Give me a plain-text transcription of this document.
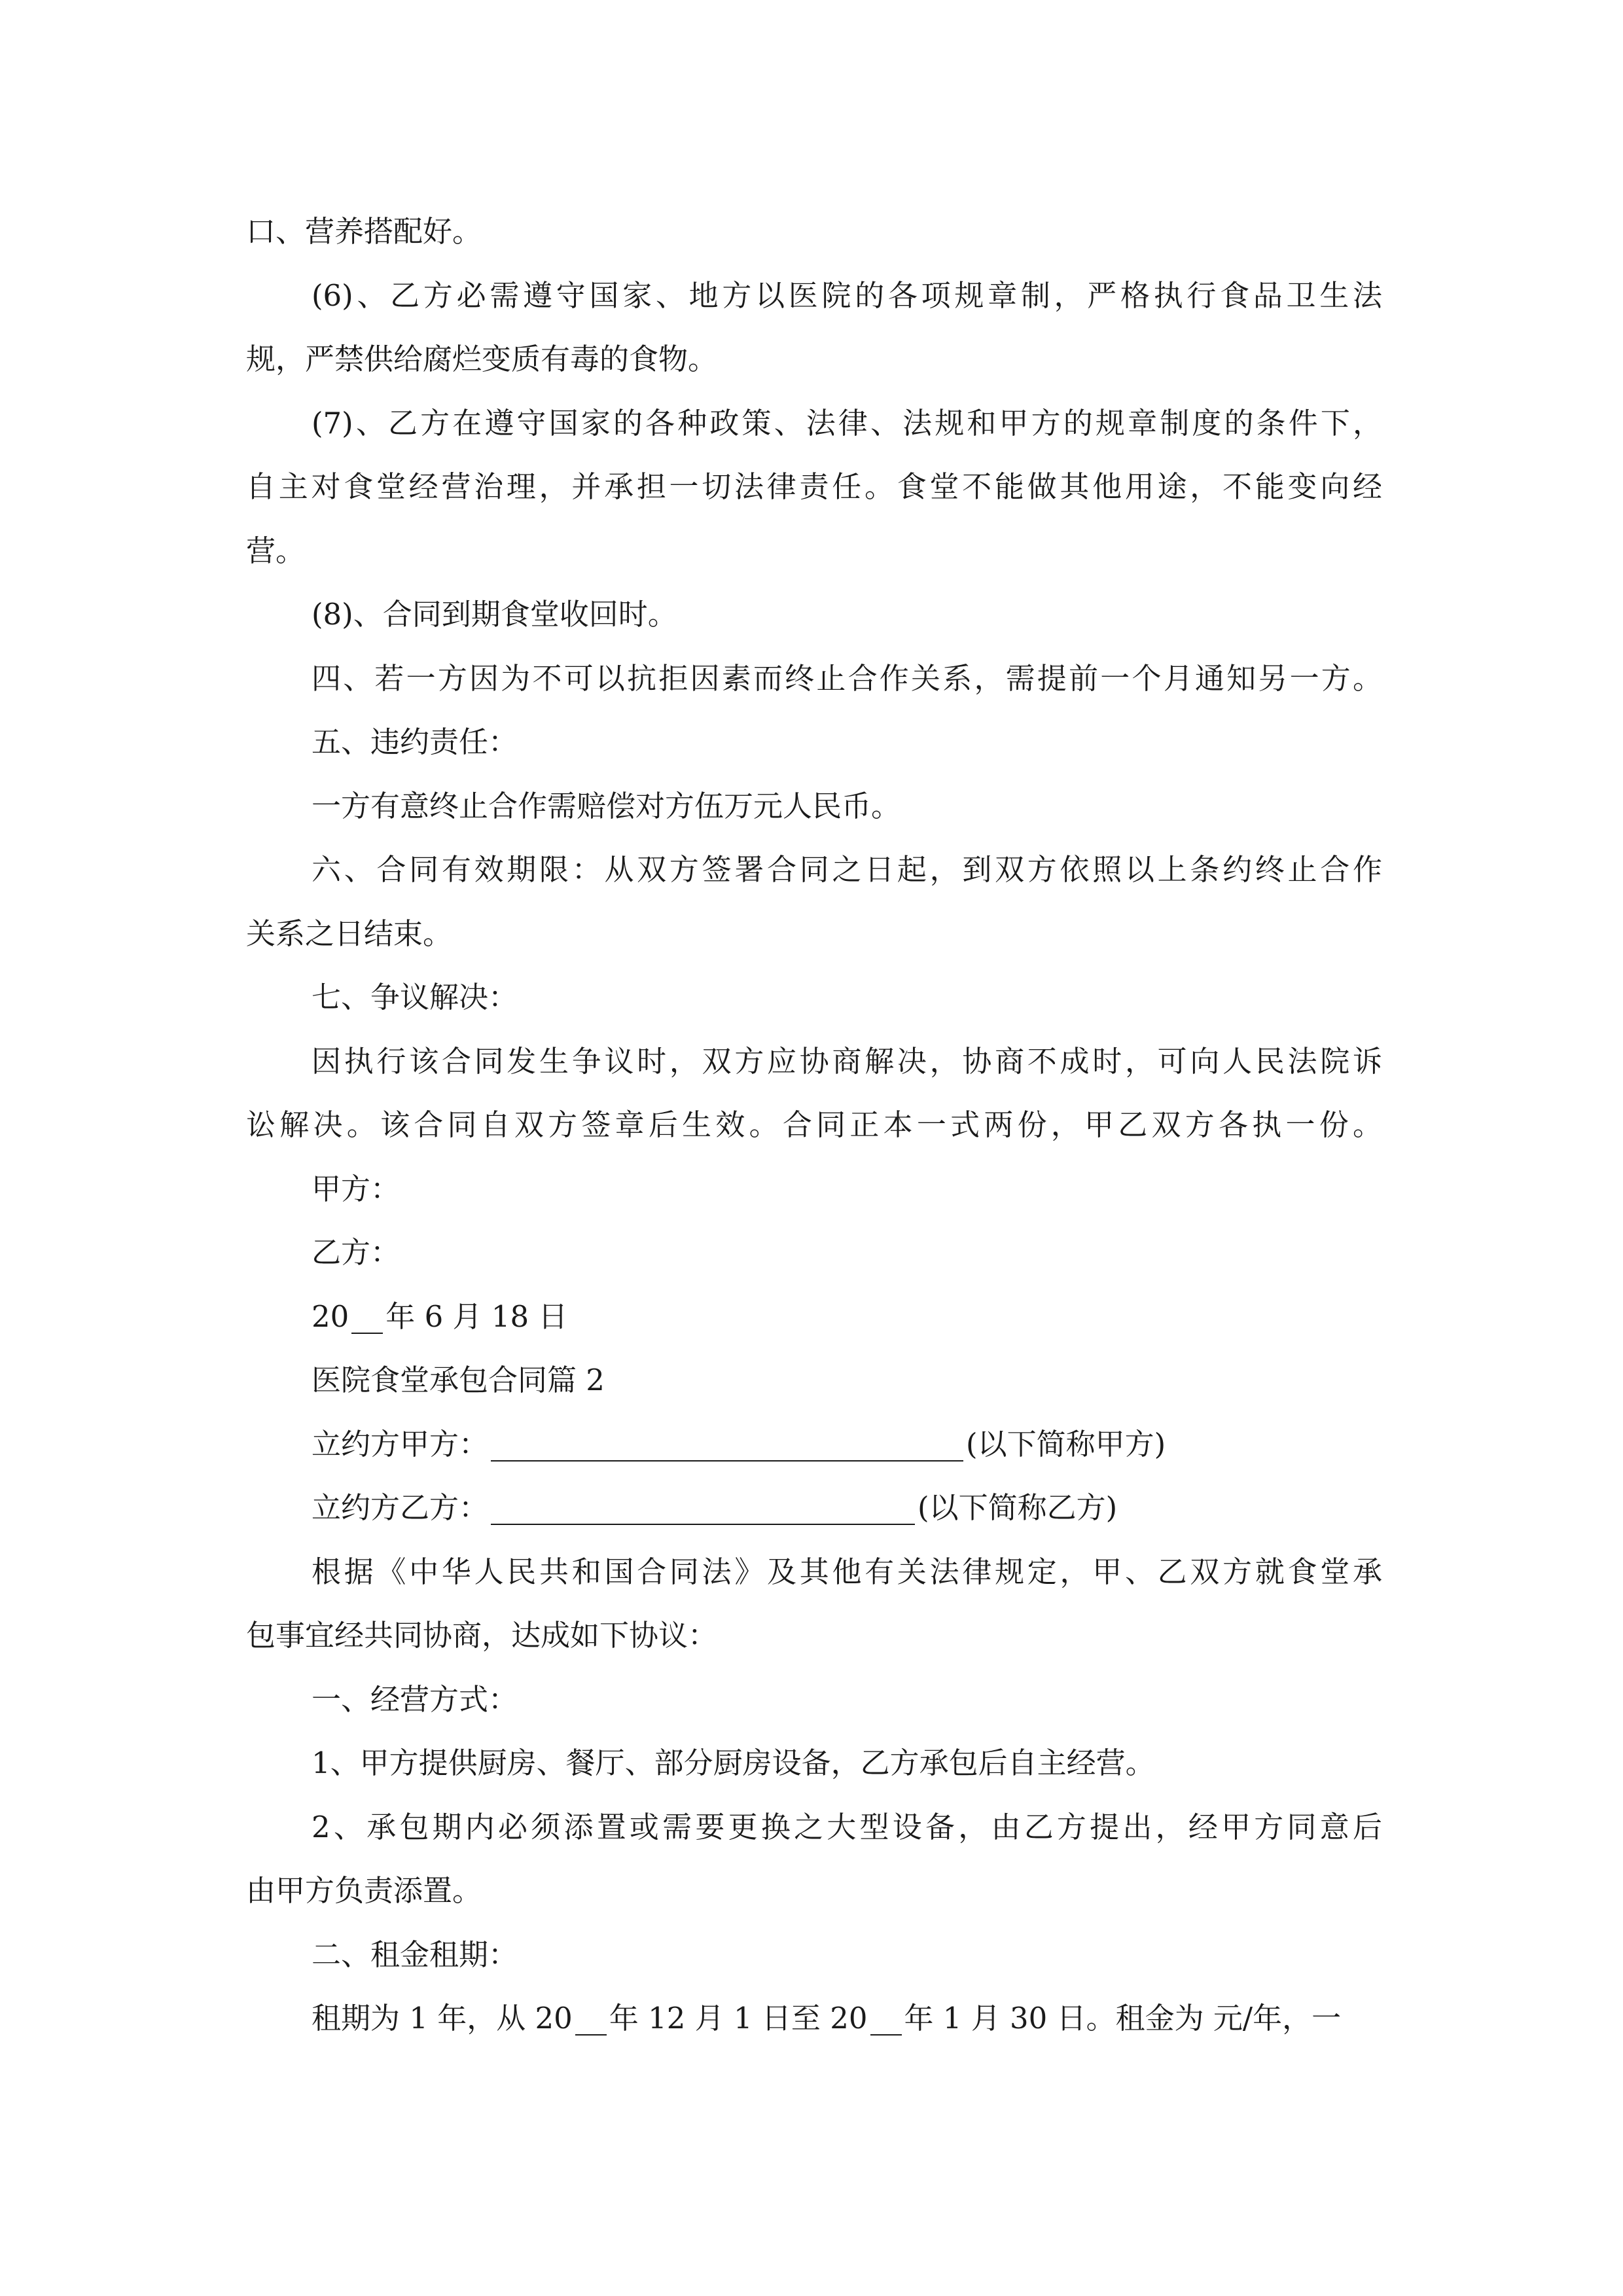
口、营养搭配好。
(6)、乙方必需遵守国家、地方以医院的各项规章制，严格执行食品卫生法
规，严禁供给腐烂变质有毒的食物。
(7)、乙方在遵守国家的各种政策、法律、法规和甲方的规章制度的条件下，
自主对食堂经营治理，并承担一切法律责任。食堂不能做其他用途，不能变向经
营。
(8)、合同到期食堂收回时。
四、若一方因为不可以抗拒因素而终止合作关系，需提前一个月通知另一方。
五、违约责任：
一方有意终止合作需赔偿对方伍万元人民币。
六、合同有效期限：从双方签署合同之日起，到双方依照以上条约终止合作
关系之日结束。
七、争议解决：
因执行该合同发生争议时，双方应协商解决，协商不成时，可向人民法院诉
讼解决。该合同自双方签章后生效。合同正本一式两份，甲乙双方各执一份。
甲方：
乙方：
20 年 6 月 18 日
医院食堂承包合同篇 2
立约方甲方：	(以下简称甲方)
立约方乙方：	(以下简称乙方)
根据《中华人民共和国合同法》及其他有关法律规定，甲、乙双方就食堂承
包事宜经共同协商，达成如下协议：
一、经营方式：
1、甲方提供厨房、餐厅、部分厨房设备，乙方承包后自主经营。
2、承包期内必须添置或需要更换之大型设备，由乙方提出，经甲方同意后
由甲方负责添置。
二、租金租期：
租期为 1 年，从 20 年 12 月 1 日至 20 年 1 月 30 日。租金为 元/年，一
